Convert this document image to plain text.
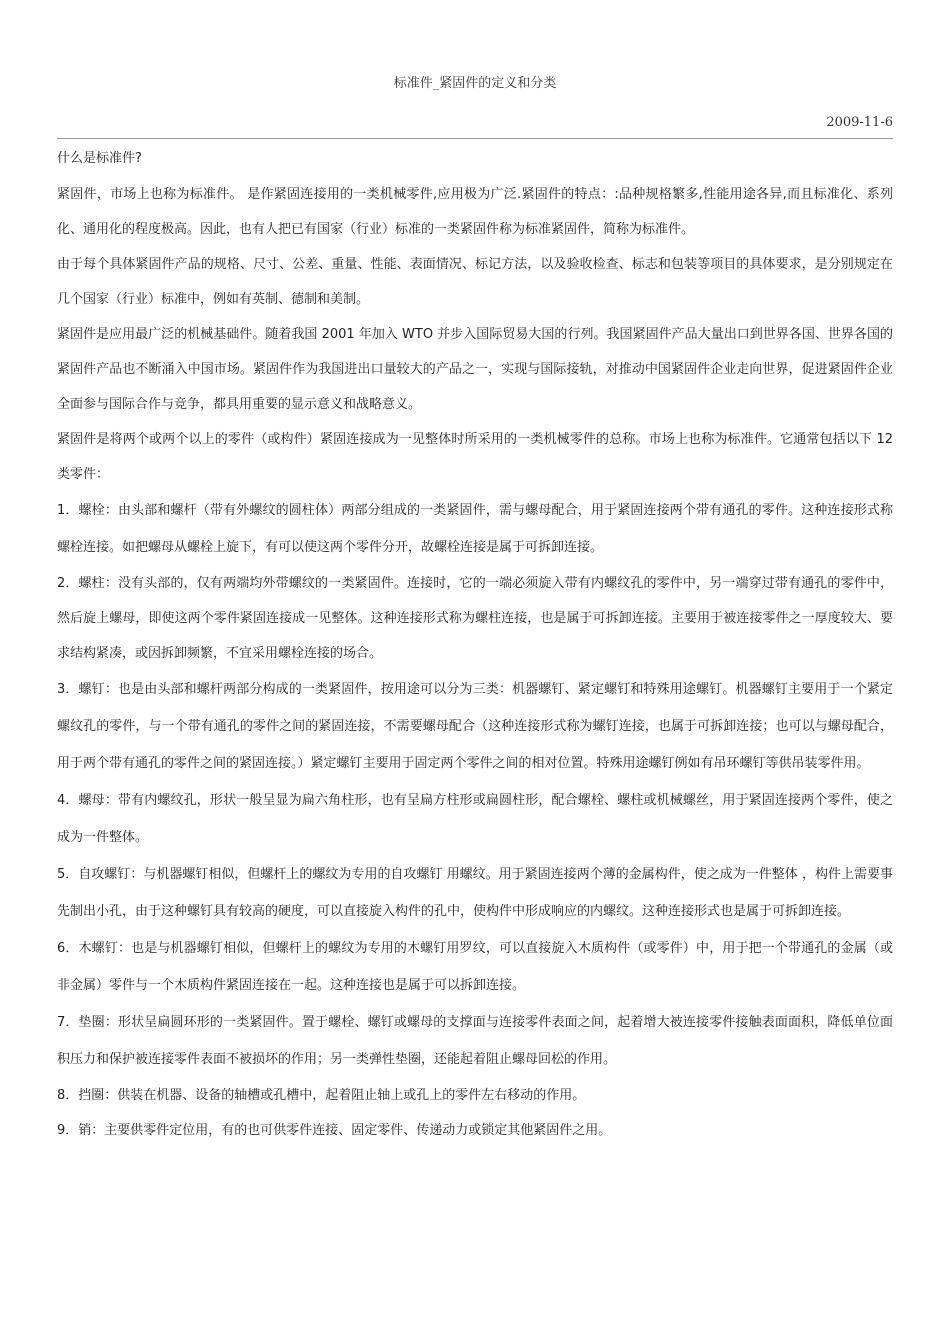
标准件_紧固件的定义和分类
2009-11-6

什么是标准件?

紧固件，市场上也称为标准件。 是作紧固连接用的一类机械零件,应用极为广泛.紧固件的特点：:品种规格繁多,性能用途各异,而且标准化、系列化、通用化的程度极高。因此，也有人把已有国家（行业）标准的一类紧固件称为标准紧固件，简称为标准件。

由于每个具体紧固件产品的规格、尺寸、公差、重量、性能、表面情况、标记方法，以及验收检查、标志和包装等项目的具体要求，是分别规定在几个国家（行业）标准中，例如有英制、德制和美制。

紧固件是应用最广泛的机械基础件。随着我国 2001 年加入 WTO 并步入国际贸易大国的行列。我国紧固件产品大量出口到世界各国、世界各国的紧固件产品也不断涌入中国市场。紧固件作为我国进出口量较大的产品之一，实现与国际接轨，对推动中国紧固件企业走向世界，促进紧固件企业全面参与国际合作与竞争，都具用重要的显示意义和战略意义。

紧固件是将两个或两个以上的零件（或构件）紧固连接成为一见整体时所采用的一类机械零件的总称。市场上也称为标准件。它通常包括以下 12 类零件：

1．螺栓：由头部和螺杆（带有外螺纹的圆柱体）两部分组成的一类紧固件，需与螺母配合，用于紧固连接两个带有通孔的零件。这种连接形式称螺栓连接。如把螺母从螺栓上旋下，有可以使这两个零件分开，故螺栓连接是属于可拆卸连接。

2．螺柱：没有头部的，仅有两端均外带螺纹的一类紧固件。连接时，它的一端必须旋入带有内螺纹孔的零件中，另一端穿过带有通孔的零件中，然后旋上螺母，即使这两个零件紧固连接成一见整体。这种连接形式称为螺柱连接，也是属于可拆卸连接。主要用于被连接零件之一厚度较大、要求结构紧凑，或因拆卸频繁，不宜采用螺栓连接的场合。

3．螺钉：也是由头部和螺杆两部分构成的一类紧固件，按用途可以分为三类：机器螺钉、紧定螺钉和特殊用途螺钉。机器螺钉主要用于一个紧定螺纹孔的零件，与一个带有通孔的零件之间的紧固连接，不需要螺母配合（这种连接形式称为螺钉连接，也属于可拆卸连接；也可以与螺母配合，用于两个带有通孔的零件之间的紧固连接。）紧定螺钉主要用于固定两个零件之间的相对位置。特殊用途螺钉例如有吊环螺钉等供吊装零件用。

4．螺母：带有内螺纹孔，形状一般呈显为扁六角柱形，也有呈扁方柱形或扁圆柱形，配合螺栓、螺柱或机械螺丝，用于紧固连接两个零件，使之成为一件整体。

5．自攻螺钉：与机器螺钉相似，但螺杆上的螺纹为专用的自攻螺钉 用螺纹。用于紧固连接两个薄的金属构件，使之成为一件整体 ，构件上需要事先制出小孔，由于这种螺钉具有较高的硬度，可以直接旋入构件的孔中，使构件中形成响应的内螺纹。这种连接形式也是属于可拆卸连接。

6．木螺钉：也是与机器螺钉相似，但螺杆上的螺纹为专用的木螺钉用罗纹，可以直接旋入木质构件（或零件）中，用于把一个带通孔的金属（或非金属）零件与一个木质构件紧固连接在一起。这种连接也是属于可以拆卸连接。

7．垫圈：形状呈扁圆环形的一类紧固件。置于螺栓、螺钉或螺母的支撑面与连接零件表面之间，起着增大被连接零件接触表面面积，降低单位面积压力和保护被连接零件表面不被损坏的作用；另一类弹性垫圈，还能起着阻止螺母回松的作用。

8．挡圈：供装在机器、设备的轴槽或孔槽中，起着阻止轴上或孔上的零件左右移动的作用。

9．销：主要供零件定位用，有的也可供零件连接、固定零件、传递动力或锁定其他紧固件之用。
